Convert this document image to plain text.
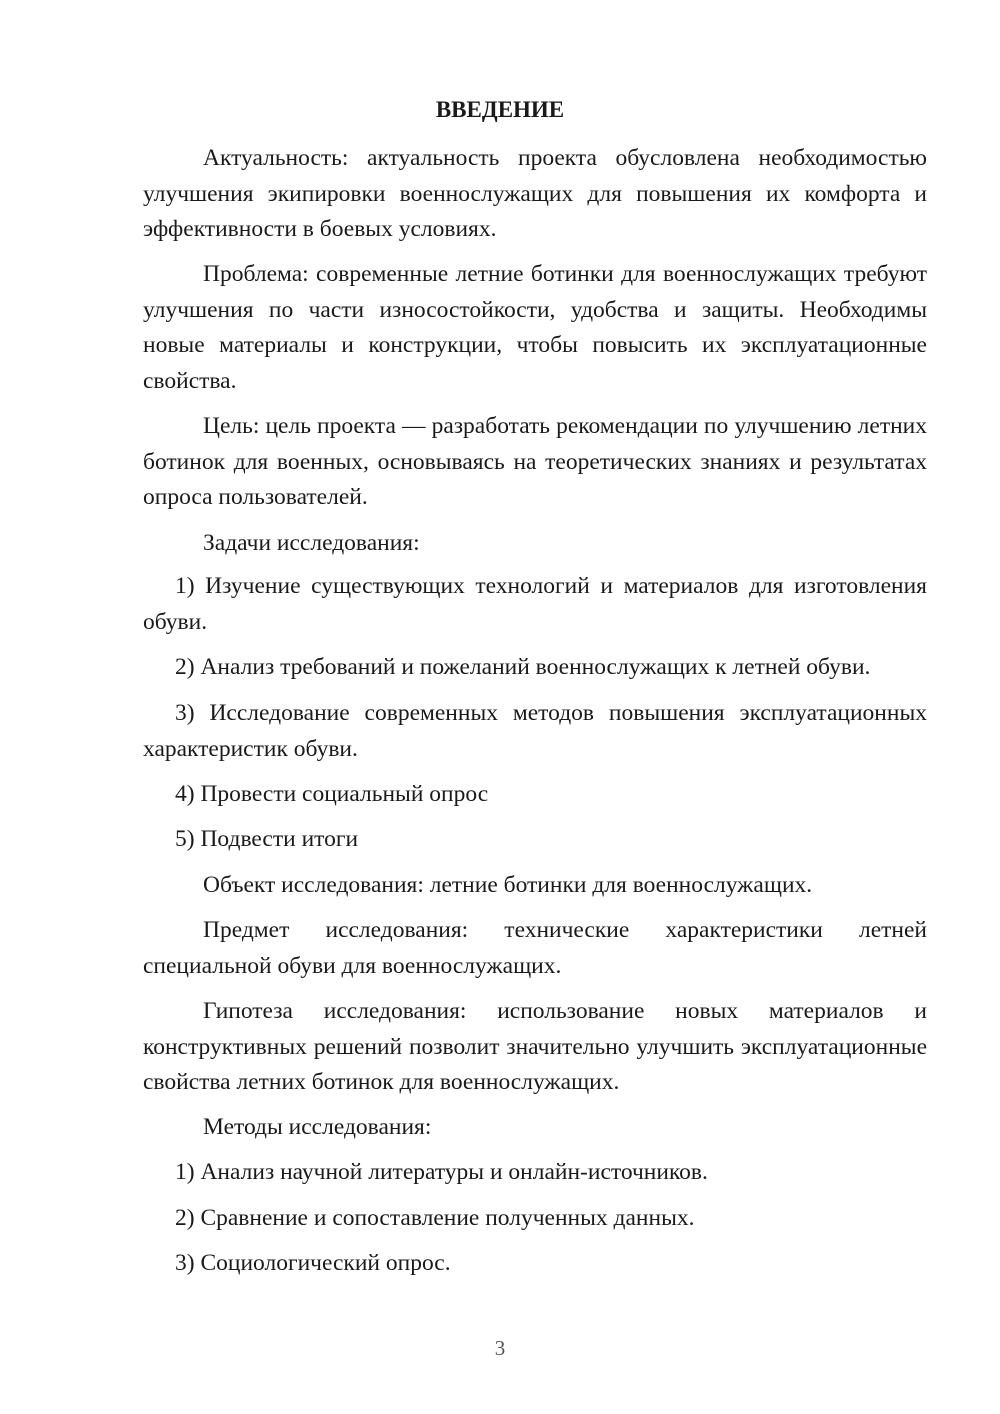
ВВЕДЕНИЕ

Актуальность: актуальность проекта обусловлена необходимостью улучшения экипировки военнослужащих для повышения их комфорта и эффективности в боевых условиях.

Проблема: современные летние ботинки для военнослужащих требуют улучшения по части износостойкости, удобства и защиты. Необходимы новые материалы и конструкции, чтобы повысить их эксплуатационные свойства.

Цель: цель проекта — разработать рекомендации по улучшению летних ботинок для военных, основываясь на теоретических знаниях и результатах опроса пользователей.

Задачи исследования:

1) Изучение существующих технологий и материалов для изготовления обуви.

2) Анализ требований и пожеланий военнослужащих к летней обуви.

3) Исследование современных методов повышения эксплуатационных характеристик обуви.

4) Провести социальный опрос

5) Подвести итоги

Объект исследования: летние ботинки для военнослужащих.

Предмет исследования: технические характеристики летней специальной обуви для военнослужащих.

Гипотеза исследования: использование новых материалов и конструктивных решений позволит значительно улучшить эксплуатационные свойства летних ботинок для военнослужащих.

Методы исследования:

1) Анализ научной литературы и онлайн-источников.

2) Сравнение и сопоставление полученных данных.

3) Социологический опрос.

3
